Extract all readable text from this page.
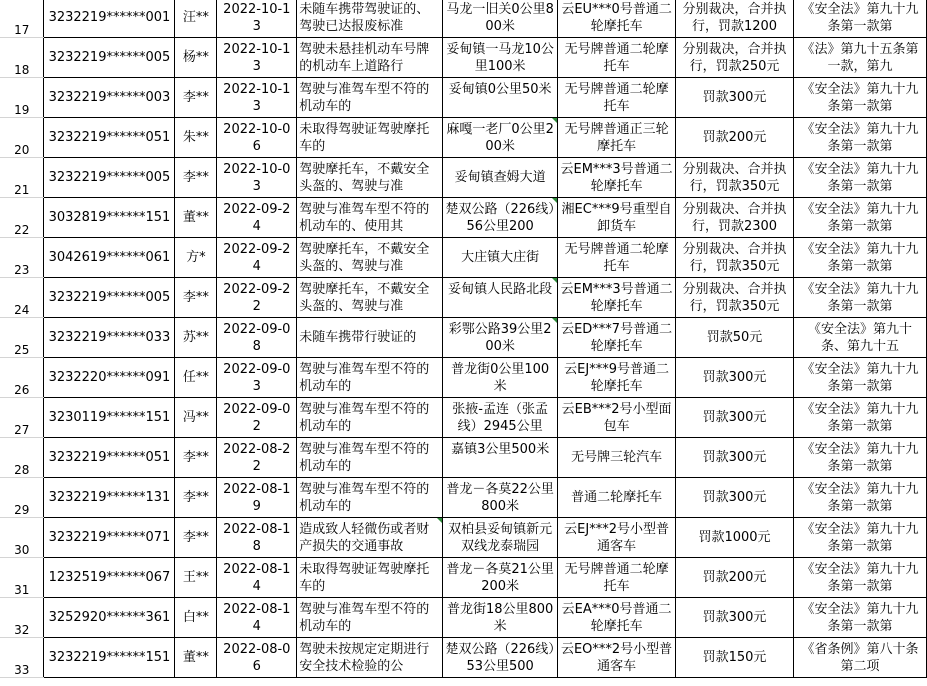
17	3232219******001	汪**	2022-10-13	未随车携带驾驶证的、驾驶已达报废标准	马龙一旧关0公里800米	云EU***0号普通二轮摩托车	分别裁决，合并执行，罚款1200	《安全法》第九十九条第一款第

18	3232219******005	杨**	2022-10-13	驾驶未悬挂机动车号牌的机动车上道路行	妥甸镇一马龙10公里100米	无号牌普通二轮摩托车	分别裁决，合并执行，罚款250元	《法》第九十五条第一款，第九

19	3232219******003	李**	2022-10-13	驾驶与准驾车型不符的机动车的	妥甸镇0公里50米	无号牌普通二轮摩托车	罚款300元	《安全法》第九十九条第一款第

20	3232219******051	朱**	2022-10-06	未取得驾驶证驾驶摩托车的	麻嘎一老厂0公里200米	无号牌普通正三轮摩托车	罚款200元	《安全法》第九十九条第一款第

21	3232219******005	李**	2022-10-03	驾驶摩托车，不戴安全头盔的、驾驶与准	妥甸镇查姆大道	云EM***3号普通二轮摩托车	分别裁决、合并执行，罚款350元	《安全法》第九十九条第一款第

22	3032819******151	董**	2022-09-24	驾驶与准驾车型不符的机动车的、使用其	楚双公路（226线）56公里200	湘EC***9号重型自卸货车	分别裁决、合并执行，罚款2300	《安全法》第九十九条第一款第

23	3042619******061	方*	2022-09-24	驾驶摩托车，不戴安全头盔的、驾驶与准	大庄镇大庄街	无号牌普通二轮摩托车	分别裁决、合并执行，罚款350元	《安全法》第九十九条第一款第

24	3232219******005	李**	2022-09-22	驾驶摩托车，不戴安全头盔的、驾驶与准	妥甸镇人民路北段	云EM***3号普通二轮摩托车	分别裁决、合并执行，罚款350元	《安全法》第九十九条第一款第

25	3232219******033	苏**	2022-09-08	未随车携带行驶证的	彩鄂公路39公里200米	云ED***7号普通二轮摩托车	罚款50元	《安全法》第九十条、第九十五

26	3232220******091	任**	2022-09-03	驾驶与准驾车型不符的机动车的	普龙街0公里100米	云EJ***9号普通二轮摩托车	罚款300元	《安全法》第九十九条第一款第

27	3230119******151	冯**	2022-09-02	驾驶与准驾车型不符的机动车的	张掖-孟连（张孟线）2945公里	云EB***2号小型面包车	罚款300元	《安全法》第九十九条第一款第

28	3232219******051	李**	2022-08-22	驾驶与准驾车型不符的机动车的	嘉镇3公里500米	无号牌三轮汽车	罚款300元	《安全法》第九十九条第一款第

29	3232219******131	李**	2022-08-19	驾驶与准驾车型不符的机动车的	普龙－各莫22公里800米	普通二轮摩托车	罚款300元	《安全法》第九十九条第一款第

30	3232219******071	李**	2022-08-18	造成致人轻微伤或者财产损失的交通事故	双柏县妥甸镇新元双线龙泰瑞园	云EJ***2号小型普通客车	罚款1000元	《安全法》第九十九条第一款第

31	1232519******067	王**	2022-08-14	未取得驾驶证驾驶摩托车的	普龙－各莫21公里200米	无号牌普通二轮摩托车	罚款200元	《安全法》第九十九条第一款第

32	3252920******361	白**	2022-08-14	驾驶与准驾车型不符的机动车的	普龙街18公里800米	云EA***0号普通二轮摩托车	罚款300元	《安全法》第九十九条第一款第

33	3232219******151	董**	2022-08-06	驾驶未按规定定期进行安全技术检验的公	楚双公路（226线）53公里500	云EO***2号小型普通客车	罚款150元	《省条例》第八十条第二项
